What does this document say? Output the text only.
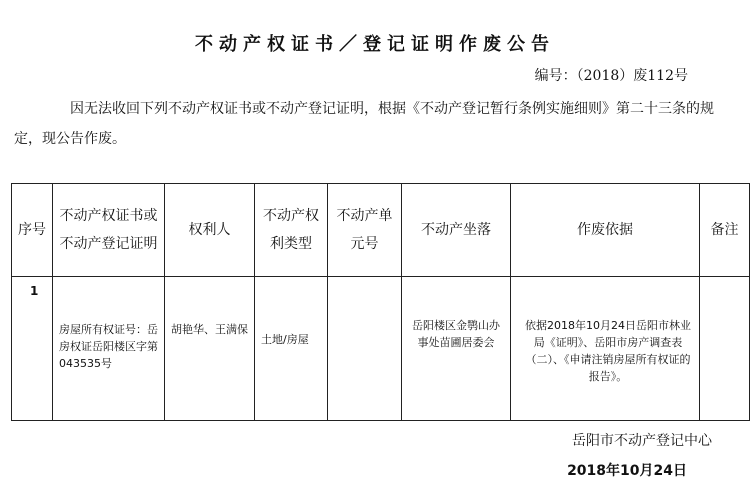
不动产权证书／登记证明作废公告
编号：（2018）废112号
因无法收回下列不动产权证书或不动产登记证明，根据《不动产登记暂行条例实施细则》第二十三条的规定，现公告作废。
序号	不动产权证书或不动产登记证明	权利人	不动产权利类型	不动产单元号	不动产坐落	作废依据	备注

1	房屋所有权证号：岳房权证岳阳楼区字第043535号	胡艳华、王满保	土地/房屋		岳阳楼区金鹗山办事处苗圃居委会	依据2018年10月24日岳阳市林业局《证明》、岳阳市房产调查表（二）、《申请注销房屋所有权证的报告》。	

岳阳市不动产登记中心
2018年10月24日
